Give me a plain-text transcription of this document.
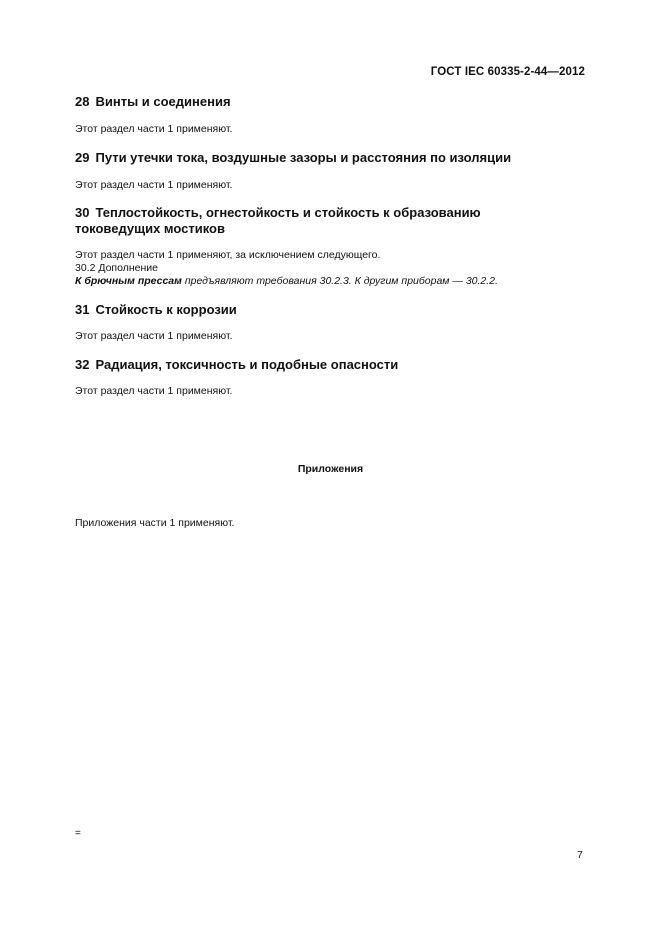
ГОСТ IEC 60335-2-44—2012
28 Винты и соединения
Этот раздел части 1 применяют.
29 Пути утечки тока, воздушные зазоры и расстояния по изоляции
Этот раздел части 1 применяют.
30 Теплостойкость, огнестойкость и стойкость к образованию
токоведущих мостиков
Этот раздел части 1 применяют, за исключением следующего.
30.2 Дополнение
К брючным прессам предъявляют требования 30.2.3. К другим приборам — 30.2.2.
31 Стойкость к коррозии
Этот раздел части 1 применяют.
32 Радиация, токсичность и подобные опасности
Этот раздел части 1 применяют.
Приложения
Приложения части 1 применяют.
=
7
